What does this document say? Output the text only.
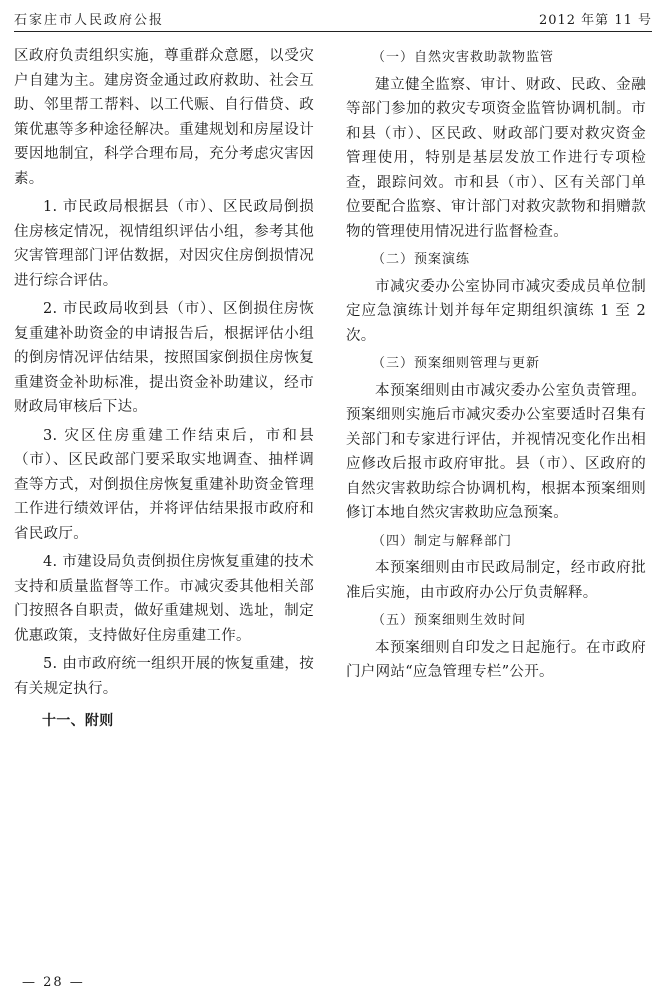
石家庄市人民政府公报	2012 年第 11 号

区政府负责组织实施，尊重群众意愿，以受灾户自建为主。建房资金通过政府救助、社会互助、邻里帮工帮料、以工代赈、自行借贷、政策优惠等多种途径解决。重建规划和房屋设计要因地制宜，科学合理布局，充分考虑灾害因素。

1. 市民政局根据县（市）、区民政局倒损住房核定情况，视情组织评估小组，参考其他灾害管理部门评估数据，对因灾住房倒损情况进行综合评估。

2. 市民政局收到县（市）、区倒损住房恢复重建补助资金的申请报告后，根据评估小组的倒房情况评估结果，按照国家倒损住房恢复重建资金补助标准，提出资金补助建议，经市财政局审核后下达。

3. 灾区住房重建工作结束后，市和县（市）、区民政部门要采取实地调查、抽样调查等方式，对倒损住房恢复重建补助资金管理工作进行绩效评估，并将评估结果报市政府和省民政厅。

4. 市建设局负责倒损住房恢复重建的技术支持和质量监督等工作。市减灾委其他相关部门按照各自职责，做好重建规划、选址，制定优惠政策，支持做好住房重建工作。

5. 由市政府统一组织开展的恢复重建，按有关规定执行。

十一、附则

（一）自然灾害救助款物监管

建立健全监察、审计、财政、民政、金融等部门参加的救灾专项资金监管协调机制。市和县（市）、区民政、财政部门要对救灾资金管理使用，特别是基层发放工作进行专项检查，跟踪问效。市和县（市）、区有关部门单位要配合监察、审计部门对救灾款物和捐赠款物的管理使用情况进行监督检查。

（二）预案演练

市减灾委办公室协同市减灾委成员单位制定应急演练计划并每年定期组织演练 1 至 2 次。

（三）预案细则管理与更新

本预案细则由市减灾委办公室负责管理。预案细则实施后市减灾委办公室要适时召集有关部门和专家进行评估，并视情况变化作出相应修改后报市政府审批。县（市）、区政府的自然灾害救助综合协调机构，根据本预案细则修订本地自然灾害救助应急预案。

（四）制定与解释部门

本预案细则由市民政局制定，经市政府批准后实施，由市政府办公厅负责解释。

（五）预案细则生效时间

本预案细则自印发之日起施行。在市政府门户网站“应急管理专栏”公开。

— 28 —
